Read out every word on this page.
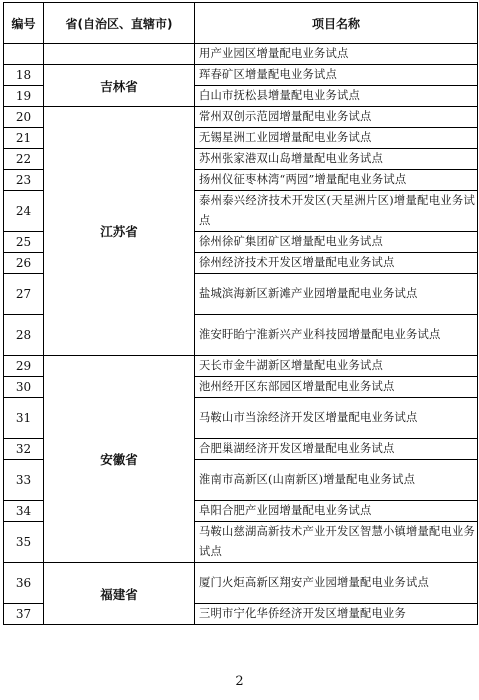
编号	省(自治区、直辖市)	项目名称
		用产业园区增量配电业务试点
18	吉林省	珲春矿区增量配电业务试点
19		白山市抚松县增量配电业务试点
20	江苏省	常州双创示范园增量配电业务试点
21		无锡星洲工业园增量配电业务试点
22		苏州张家港双山岛增量配电业务试点
23		扬州仪征枣林湾“两园”增量配电业务试点
24		泰州泰兴经济技术开发区(天星洲片区)增量配电业务试点
25		徐州徐矿集团矿区增量配电业务试点
26		徐州经济技术开发区增量配电业务试点
27		盐城滨海新区新滩产业园增量配电业务试点
28		淮安盱眙宁淮新兴产业科技园增量配电业务试点
29	安徽省	天长市金牛湖新区增量配电业务试点
30		池州经开区东部园区增量配电业务试点
31		马鞍山市当涂经济开发区增量配电业务试点
32		合肥巢湖经济开发区增量配电业务试点
33		淮南市高新区(山南新区)增量配电业务试点
34		阜阳合肥产业园增量配电业务试点
35		马鞍山慈湖高新技术产业开发区智慧小镇增量配电业务试点
36	福建省	厦门火炬高新区翔安产业园增量配电业务试点
37		三明市宁化华侨经济开发区增量配电业务
2
